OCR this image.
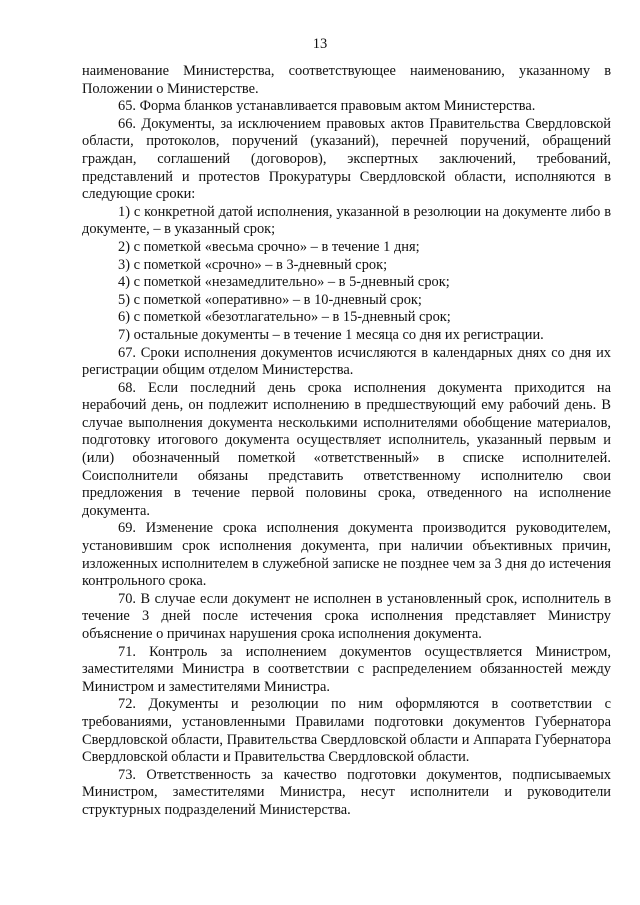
13

наименование Министерства, соответствующее наименованию, указанному в Положении о Министерстве.

65. Форма бланков устанавливается правовым актом Министерства.

66. Документы, за исключением правовых актов Правительства Свердловской области, протоколов, поручений (указаний), перечней поручений, обращений граждан, соглашений (договоров), экспертных заключений, требований, представлений и протестов Прокуратуры Свердловской области, исполняются в следующие сроки:

1) с конкретной датой исполнения, указанной в резолюции на документе либо в документе, – в указанный срок;

2) с пометкой «весьма срочно» – в течение 1 дня;

3) с пометкой «срочно» – в 3-дневный срок;

4) с пометкой «незамедлительно» – в 5-дневный срок;

5) с пометкой «оперативно» – в 10-дневный срок;

6) с пометкой «безотлагательно» – в 15-дневный срок;

7) остальные документы – в течение 1 месяца со дня их регистрации.

67. Сроки исполнения документов исчисляются в календарных днях со дня их регистрации общим отделом Министерства.

68. Если последний день срока исполнения документа приходится на нерабочий день, он подлежит исполнению в предшествующий ему рабочий день. В случае выполнения документа несколькими исполнителями обобщение материалов, подготовку итогового документа осуществляет исполнитель, указанный первым и (или) обозначенный пометкой «ответственный» в списке исполнителей. Соисполнители обязаны представить ответственному исполнителю свои предложения в течение первой половины срока, отведенного на исполнение документа.

69. Изменение срока исполнения документа производится руководителем, установившим срок исполнения документа, при наличии объективных причин, изложенных исполнителем в служебной записке не позднее чем за 3 дня до истечения контрольного срока.

70. В случае если документ не исполнен в установленный срок, исполнитель в течение 3 дней после истечения срока исполнения представляет Министру объяснение о причинах нарушения срока исполнения документа.

71. Контроль за исполнением документов осуществляется Министром, заместителями Министра в соответствии с распределением обязанностей между Министром и заместителями Министра.

72. Документы и резолюции по ним оформляются в соответствии с требованиями, установленными Правилами подготовки документов Губернатора Свердловской области, Правительства Свердловской области и Аппарата Губернатора Свердловской области и Правительства Свердловской области.

73. Ответственность за качество подготовки документов, подписываемых Министром, заместителями Министра, несут исполнители и руководители структурных подразделений Министерства.
